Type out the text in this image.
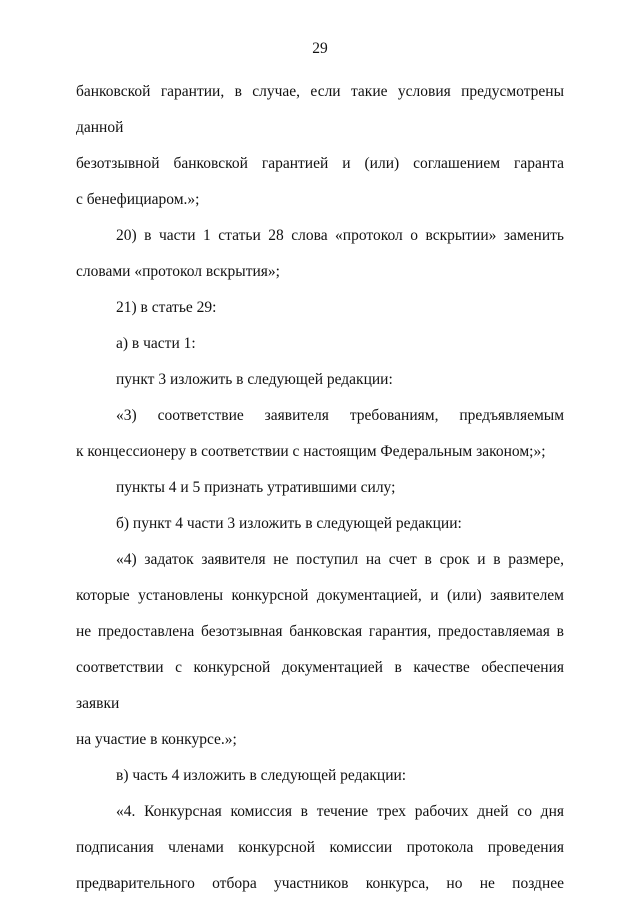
29

банковской гарантии, в случае, если такие условия предусмотрены данной

безотзывной банковской гарантией и (или) соглашением гаранта

с бенефициаром.»;

20) в части 1 статьи 28 слова «протокол о вскрытии» заменить

словами «протокол вскрытия»;

21) в статье 29:

а) в части 1:

пункт 3 изложить в следующей редакции:

«3) соответствие заявителя требованиям, предъявляемым

к концессионеру в соответствии с настоящим Федеральным законом;»;

пункты 4 и 5 признать утратившими силу;

б) пункт 4 части 3 изложить в следующей редакции:

«4) задаток заявителя не поступил на счет в срок и в размере,

которые установлены конкурсной документацией, и (или) заявителем

не предоставлена безотзывная банковская гарантия, предоставляемая в

соответствии с конкурсной документацией в качестве обеспечения заявки

на участие в конкурсе.»;

в) часть 4 изложить в следующей редакции:

«4. Конкурсная комиссия в течение трех рабочих дней со дня

подписания членами конкурсной комиссии протокола проведения

предварительного отбора участников конкурса, но не позднее
